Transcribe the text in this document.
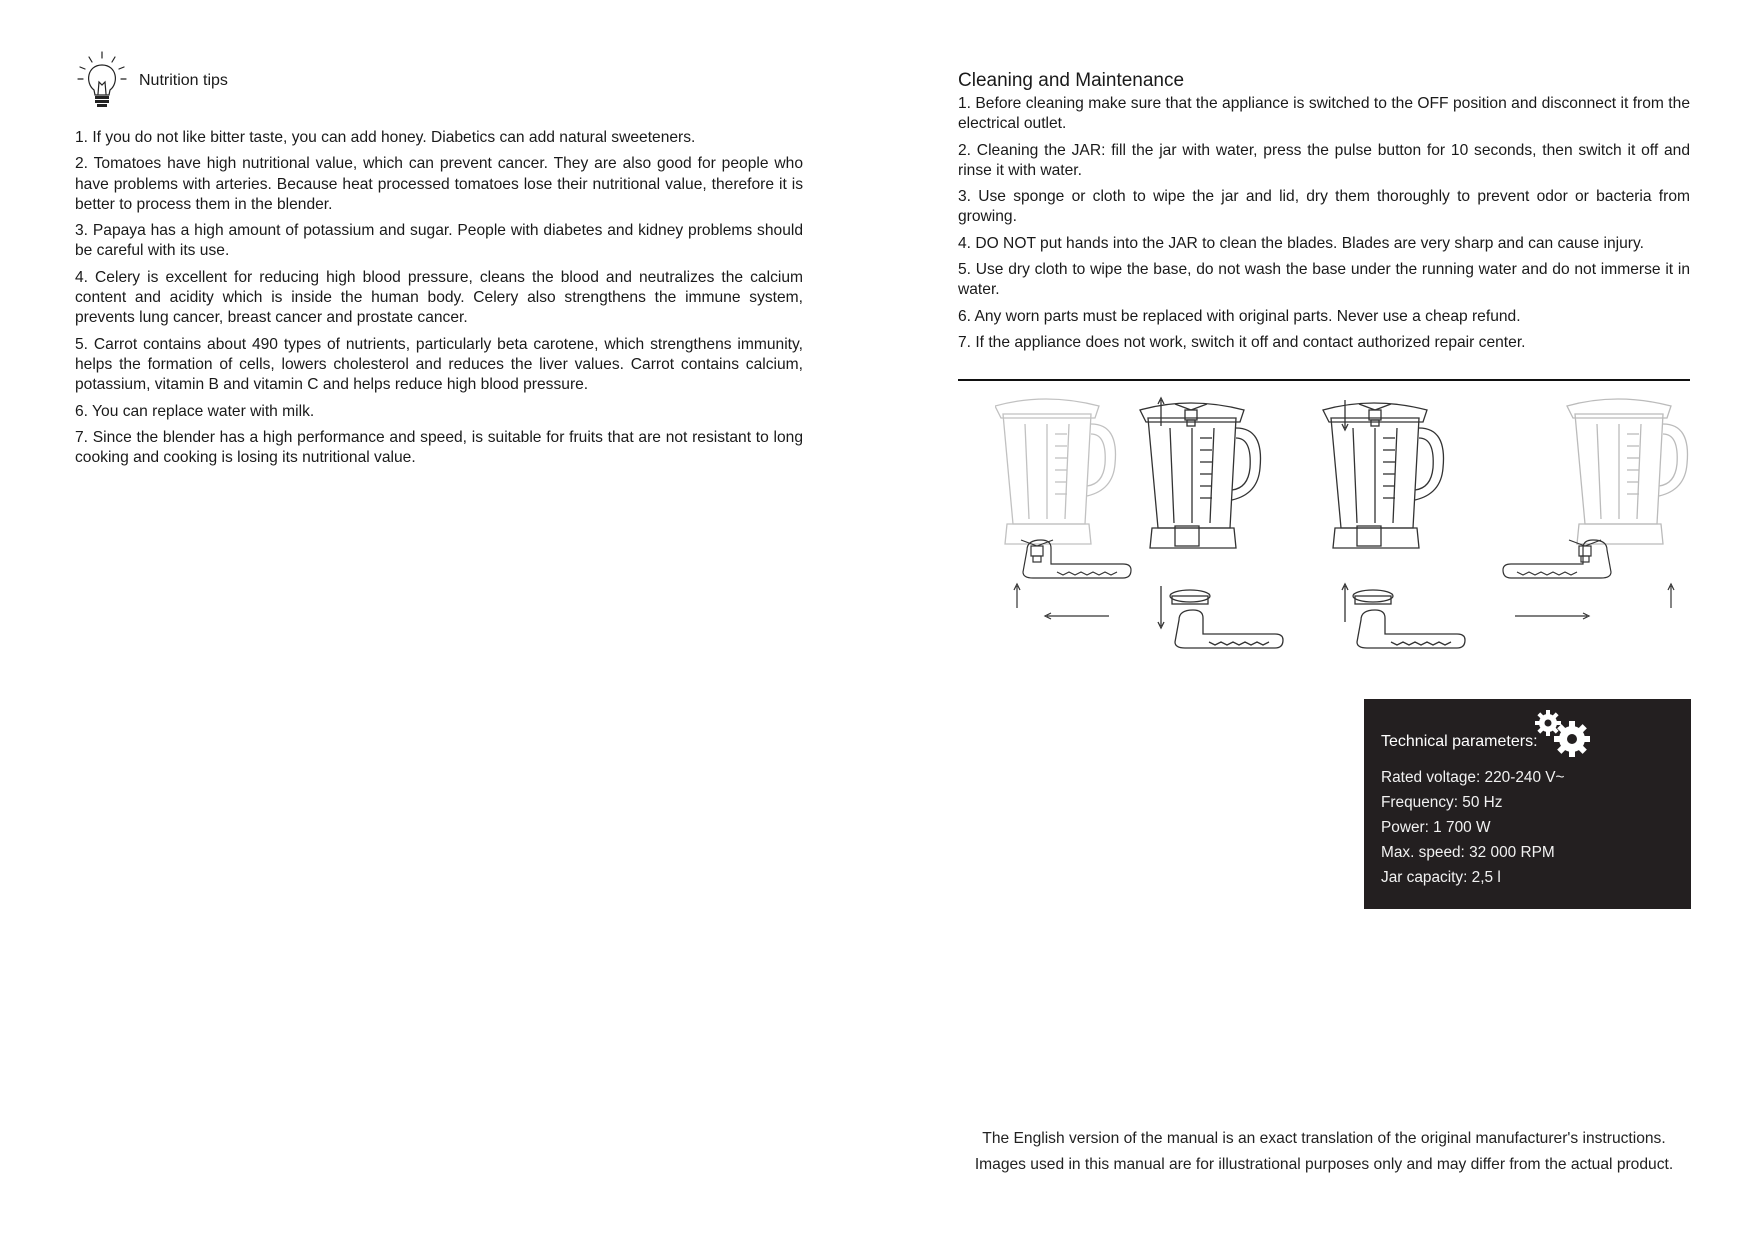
Nutrition tips
1. If you do not like bitter taste, you can add honey. Diabetics can add natural sweeteners.
2. Tomatoes have high nutritional value, which can prevent cancer. They are also good for people who have problems with arteries. Because heat processed tomatoes lose their nutritional value, therefore it is better to process them in the blender.
3. Papaya has a high amount of potassium and sugar. People with diabetes and kidney problems should be careful with its use.
4. Celery is excellent for reducing high blood pressure, cleans the blood and neutralizes the calcium content and acidity which is inside the human body. Celery also strengthens the immune system, prevents lung cancer, breast cancer and prostate cancer.
5. Carrot contains about 490 types of nutrients, particularly beta carotene, which strengthens immunity, helps the formation of cells, lowers cholesterol and reduces the liver values. Carrot contains calcium, potassium, vitamin B and vitamin C and helps reduce high blood pressure.
6. You can replace water with milk.
7. Since the blender has a high performance and speed, is suitable for fruits that are not resistant to long cooking and cooking is losing its nutritional value.
Cleaning and Maintenance
1. Before cleaning make sure that the appliance is switched to the OFF position and disconnect it from the electrical outlet.
2. Cleaning the JAR: fill the jar with water, press the pulse button for 10 seconds, then switch it off and rinse it with water.
3. Use sponge or cloth to wipe the jar and lid, dry them thoroughly to prevent odor or bacteria from growing.
4. DO NOT put hands into the JAR to clean the blades. Blades are very sharp and can cause injury.
5. Use dry cloth to wipe the base, do not wash the base under the running water and do not immerse it in water.
6. Any worn parts must be replaced with original parts. Never use a cheap refund.
7. If the appliance does not work, switch it off and contact authorized repair center.
Technical parameters:
Rated voltage: 220-240 V~
Frequency: 50 Hz
Power: 1 700 W
Max. speed: 32 000 RPM
Jar capacity: 2,5 l
The English version of the manual is an exact translation of the original manufacturer's instructions.
Images used in this manual are for illustrational purposes only and may differ from the actual product.
